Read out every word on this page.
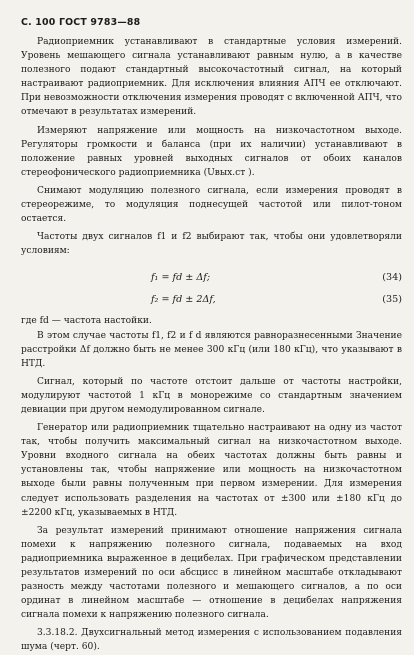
С. 100 ГОСТ 9783—88

Радиоприемник устанавливают в стандартные условия измерений. Уровень мешающего сигнала устанавливают равным нулю, а в качестве полезного подают стандартный высокочастотный сигнал, на который настраивают радиоприемник. Для исключения влияния АПЧ ее отключают. При невозможности отключения измерения проводят с включенной АПЧ, что отмечают в результатах измерений.

Измеряют напряжение или мощность на низкочастотном выходе. Регуляторы громкости и баланса (при их наличии) устанавливают в положение равных уровней выходных сигналов от обоих каналов стереофонического радиоприемника (Uвых.ст ).

Снимают модуляцию полезного сигнала, если измерения проводят в стереорежиме, то модуляция поднесущей частотой или пилот-тоном остается.

Частоты двух сигналов f1 и f2 выбирают так, чтобы они удовлетворяли условиям:

f₁ = fd ± Δf;	(34)
f₂ = fd ± 2Δf,	(35)

где fd — частота настойки.

В этом случае частоты f1, f2 и f d являются равноразнесенными Значение расстройки Δf должно быть не менее 300 кГц (или 180 кГц), что указывают в НТД.

Сигнал, который по частоте отстоит дальше от частоты настройки, модулируют частотой 1 кГц в монорежиме со стандартным значением девиации при другом немодулированном сигнале.

Генератор или радиоприемник тщательно настраивают на одну из частот так, чтобы получить максимальный сигнал на низкочастотном выходе. Уровни входного сигнала на обеих частотах должны быть равны и установлены так, чтобы напряжение или мощность на низкочастотном выходе были равны полученным при первом измерении. Для измерения следует использовать разделения на частотах от ±300 или ±180 кГц до ±2200 кГц, указываемых в НТД.

За результат измерений принимают отношение напряжения сигнала помехи к напряжению полезного сигнала, подаваемых на вход радиоприемника выраженное в децибелах. При графическом представлении результатов измерений по оси абсцисс в линейном масштабе откладывают разность между частотами полезного и мешающего сигналов, а по оси ординат в линейном масштабе — отношение в децибелах напряжения сигнала помехи к напряжению полезного сигнала.

3.3.18.2. Двухсигнальный метод измерения с использованием подавления шума (черт. 60).
